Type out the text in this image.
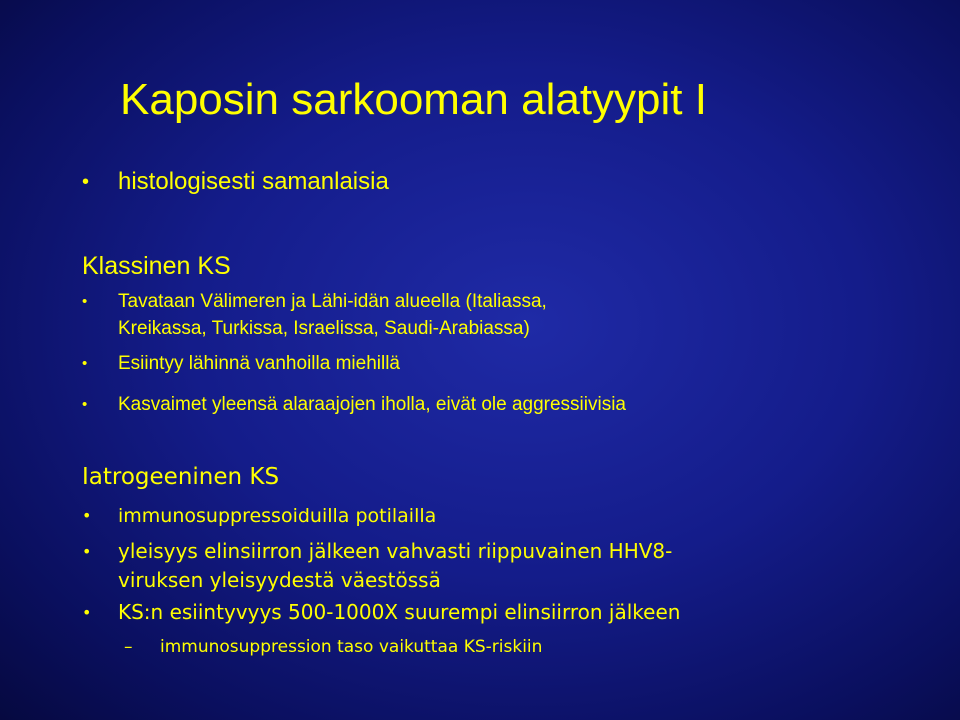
Kaposin sarkooman alatyypit I
• histologisesti samanlaisia
Klassinen KS
• Tavataan Välimeren ja Lähi-idän alueella (Italiassa,
Kreikassa, Turkissa, Israelissa, Saudi-Arabiassa)
• Esiintyy lähinnä vanhoilla miehillä
• Kasvaimet yleensä alaraajojen iholla, eivät ole aggressiivisia
Iatrogeeninen KS
• immunosuppressoiduilla potilailla
• yleisyys elinsiirron jälkeen vahvasti riippuvainen HHV8-
viruksen yleisyydestä väestössä
• KS:n esiintyvyys 500-1000X suurempi elinsiirron jälkeen
– immunosuppression taso vaikuttaa KS-riskiin
